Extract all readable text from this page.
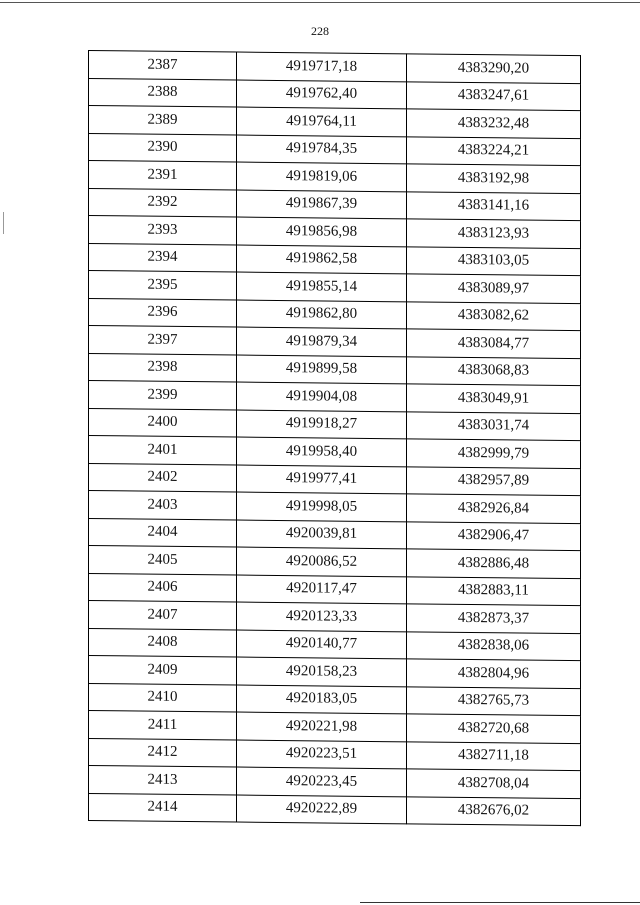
228
2387	4919717,18	4383290,20
2388	4919762,40	4383247,61
2389	4919764,11	4383232,48
2390	4919784,35	4383224,21
2391	4919819,06	4383192,98
2392	4919867,39	4383141,16
2393	4919856,98	4383123,93
2394	4919862,58	4383103,05
2395	4919855,14	4383089,97
2396	4919862,80	4383082,62
2397	4919879,34	4383084,77
2398	4919899,58	4383068,83
2399	4919904,08	4383049,91
2400	4919918,27	4383031,74
2401	4919958,40	4382999,79
2402	4919977,41	4382957,89
2403	4919998,05	4382926,84
2404	4920039,81	4382906,47
2405	4920086,52	4382886,48
2406	4920117,47	4382883,11
2407	4920123,33	4382873,37
2408	4920140,77	4382838,06
2409	4920158,23	4382804,96
2410	4920183,05	4382765,73
2411	4920221,98	4382720,68
2412	4920223,51	4382711,18
2413	4920223,45	4382708,04
2414	4920222,89	4382676,02
